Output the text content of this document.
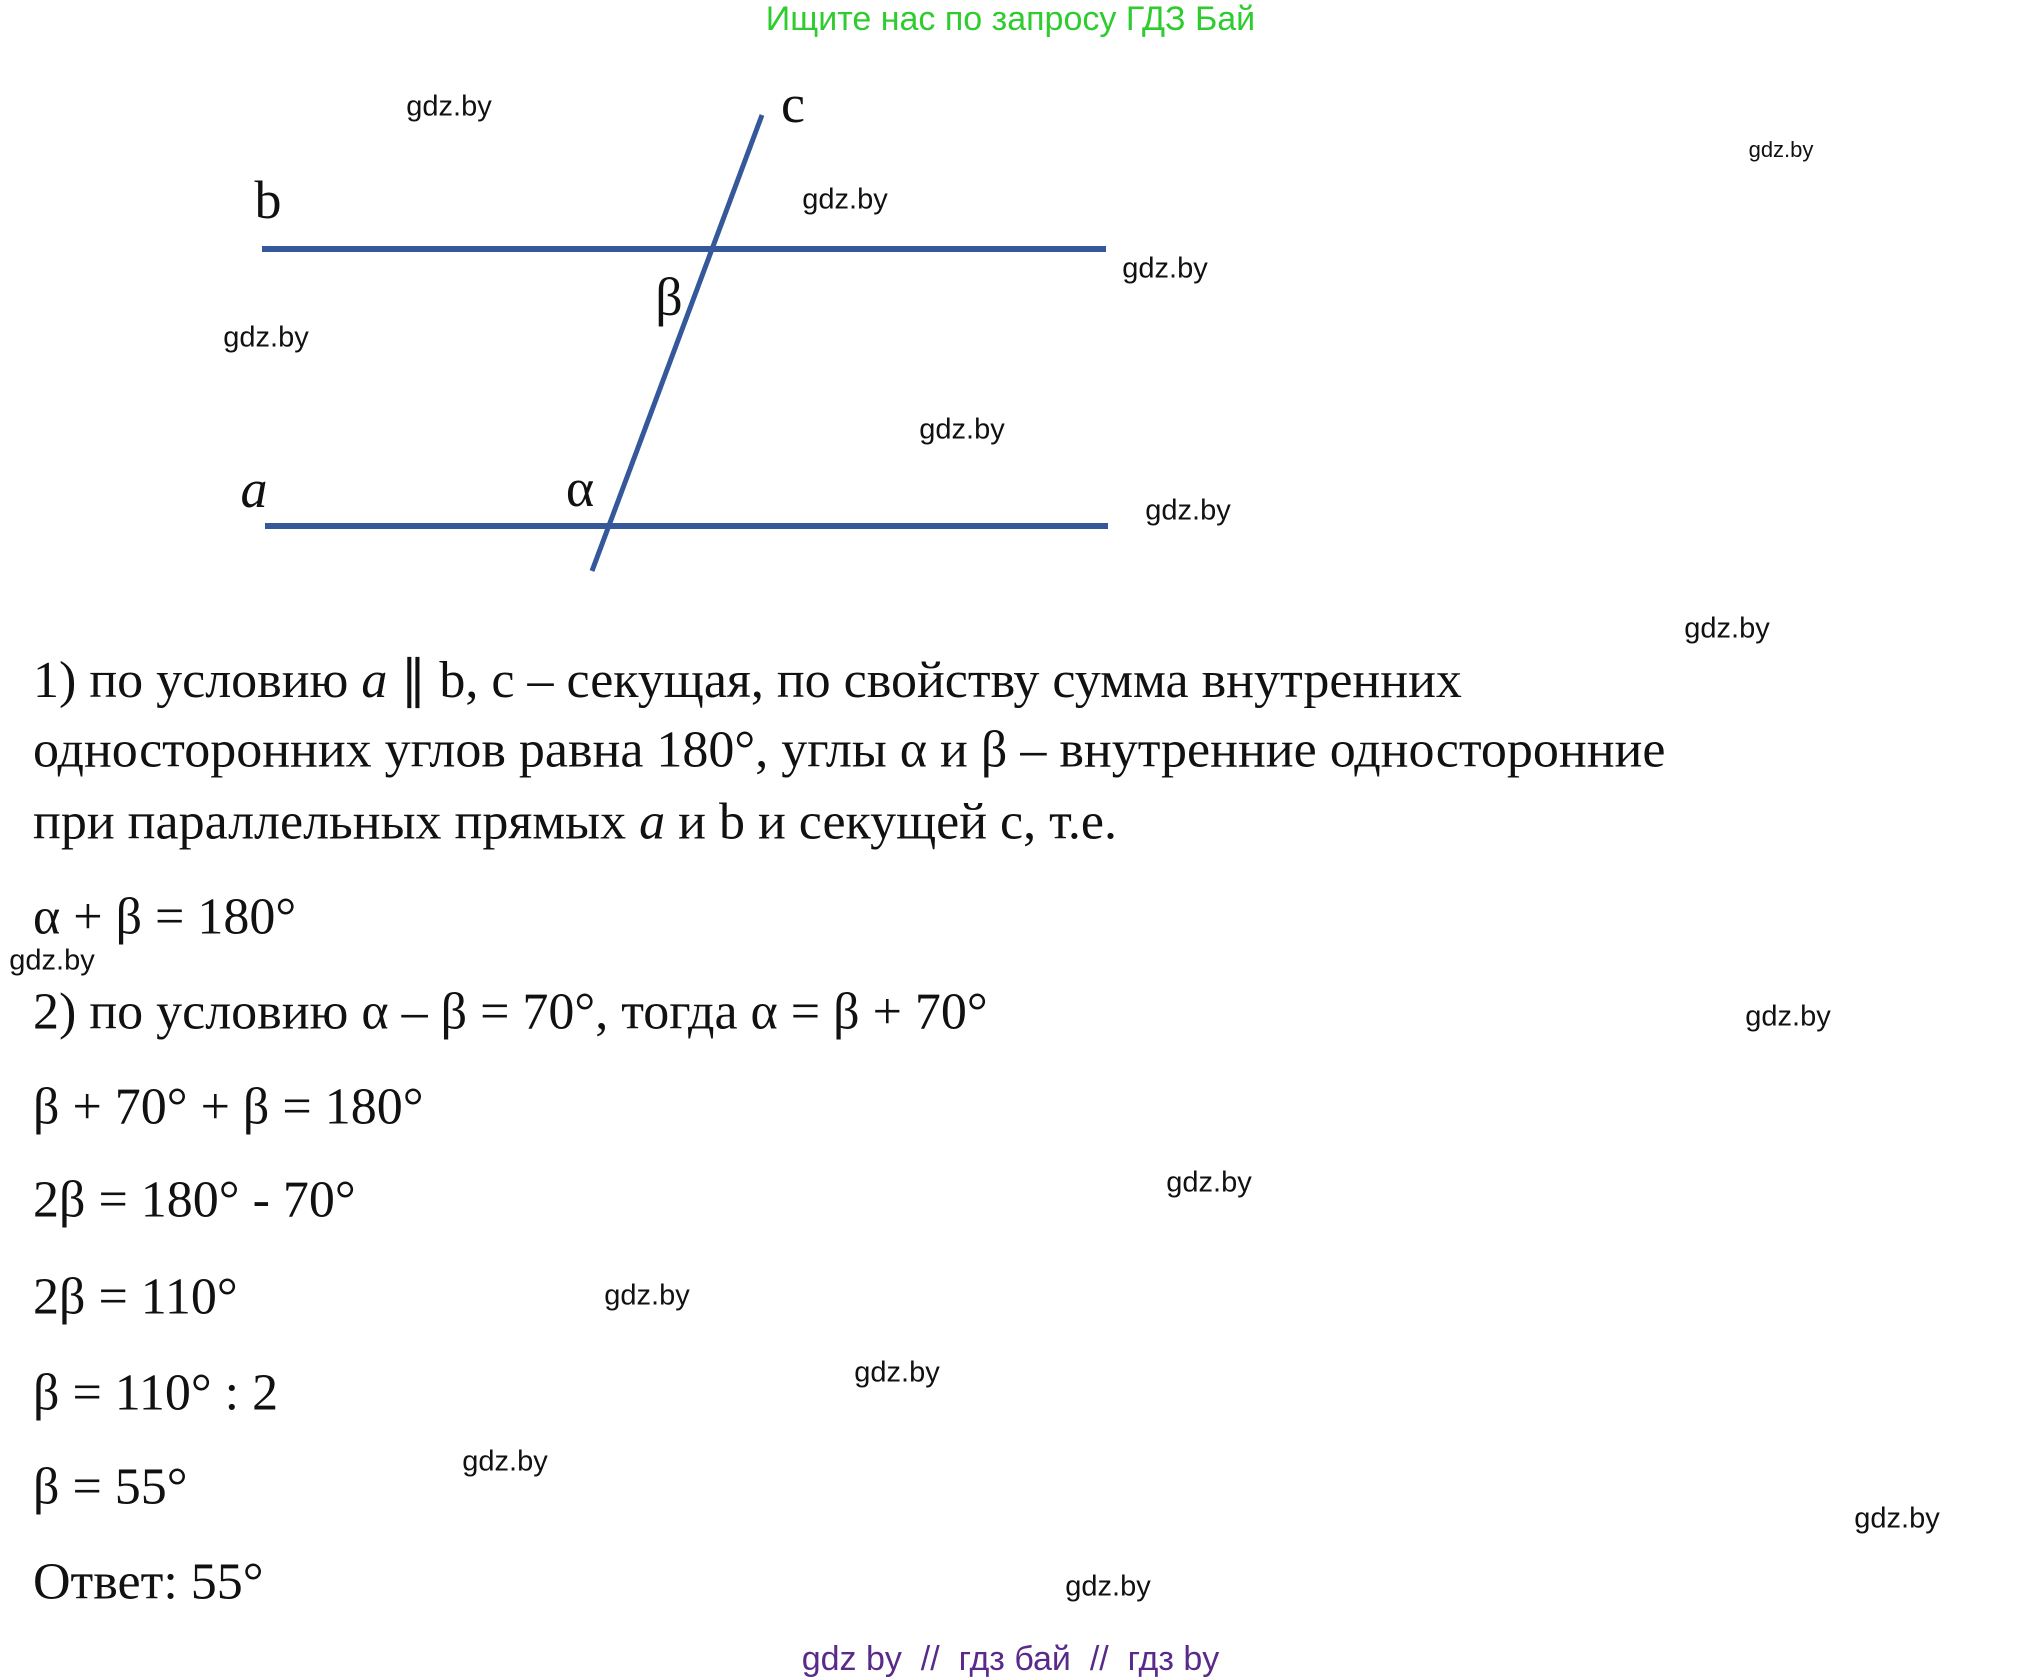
Ищите нас по запросу ГДЗ Бай
c
b
β
a	α
1) по условию a ∥ b, c – секущая, по свойству сумма внутренних
односторонних углов равна 180°, углы α и β – внутренние односторонние
при параллельных прямых a и b и секущей c, т.е.
α + β = 180°
2) по условию α – β = 70°, тогда α = β + 70°
β + 70° + β = 180°
2β = 180° - 70°
2β = 110°
β = 110° : 2
β = 55°
Ответ: 55°
gdz.by
gdz.by
gdz.by
gdz.by
gdz.by
gdz.by
gdz.by
gdz.by
gdz.by
gdz.by
gdz.by
gdz.by
gdz.by
gdz.by
gdz.by
gdz.by
gdz by  //  гдз бай  //  гдз by
